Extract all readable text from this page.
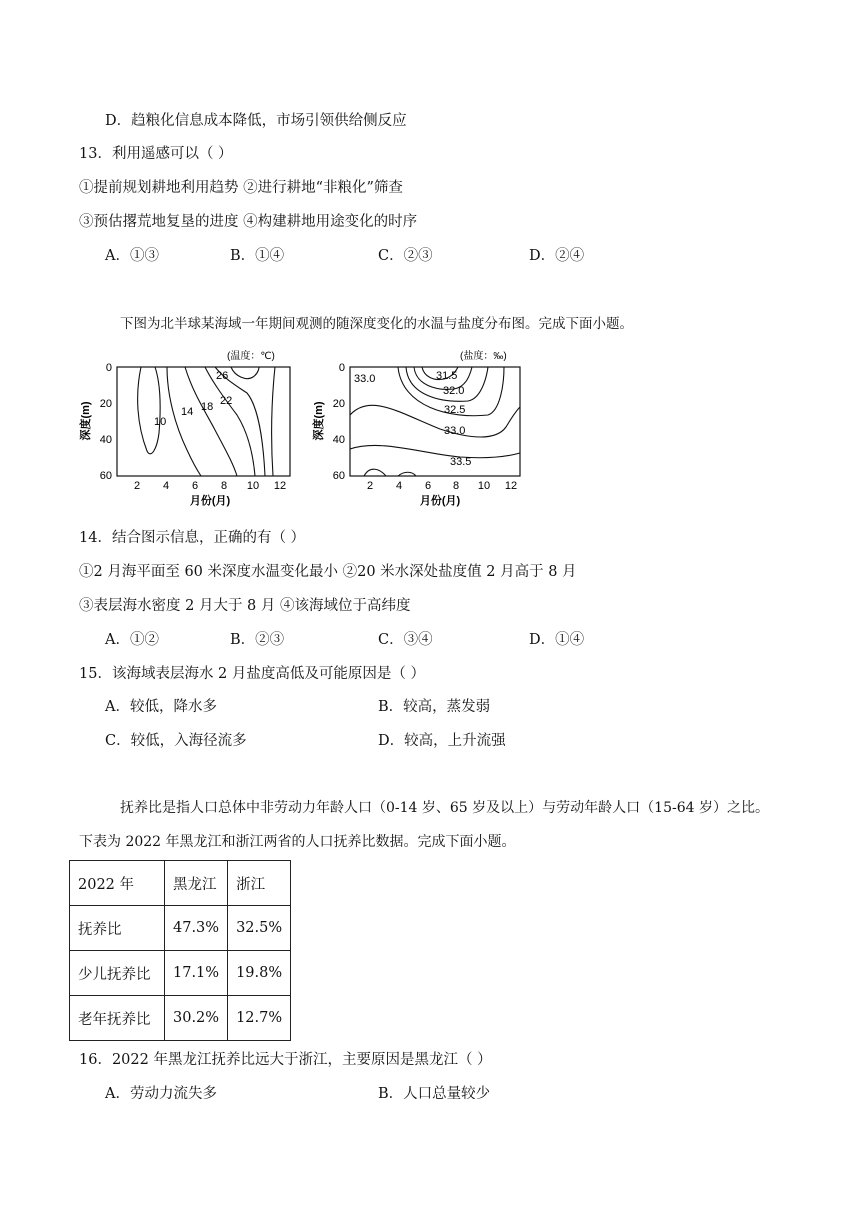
D．趋粮化信息成本降低，市场引领供给侧反应
13．利用遥感可以（ ）
①提前规划耕地利用趋势 ②进行耕地“非粮化”筛查
③预估撂荒地复垦的进度 ④构建耕地用途变化的时序
A．①③	B．①④	C．②③	D．②④
下图为北半球某海域一年期间观测的随深度变化的水温与盐度分布图。完成下面小题。
(温度：℃)
0
20
40
60
2 4 6 8 10 12
月份(月)
深度(m)	10
14 18 22
26
(盐度：‰)
0
20
40
60
2 4 6 8 10 12
月份(月)
深度(m)
33.0	31.5
32.0
32.5
33.0
33.5
14．结合图示信息，正确的有（ ）
①2 月海平面至 60 米深度水温变化最小 ②20 米水深处盐度值 2 月高于 8 月
③表层海水密度 2 月大于 8 月 ④该海域位于高纬度
A．①②	B．②③	C．③④	D．①④
15．该海域表层海水 2 月盐度高低及可能原因是（ ）
A．较低，降水多	B．较高，蒸发弱
C．较低，入海径流多	D．较高，上升流强
抚养比是指人口总体中非劳动力年龄人口（0-14 岁、65 岁及以上）与劳动年龄人口（15-64 岁）之比。
下表为 2022 年黑龙江和浙江两省的人口抚养比数据。完成下面小题。
2022 年	黑龙江	浙江
抚养比	47.3%	32.5%
少儿抚养比	17.1%	19.8%
老年抚养比	30.2%	12.7%
16．2022 年黑龙江抚养比远大于浙江，主要原因是黑龙江（ ）
A．劳动力流失多	B．人口总量较少
